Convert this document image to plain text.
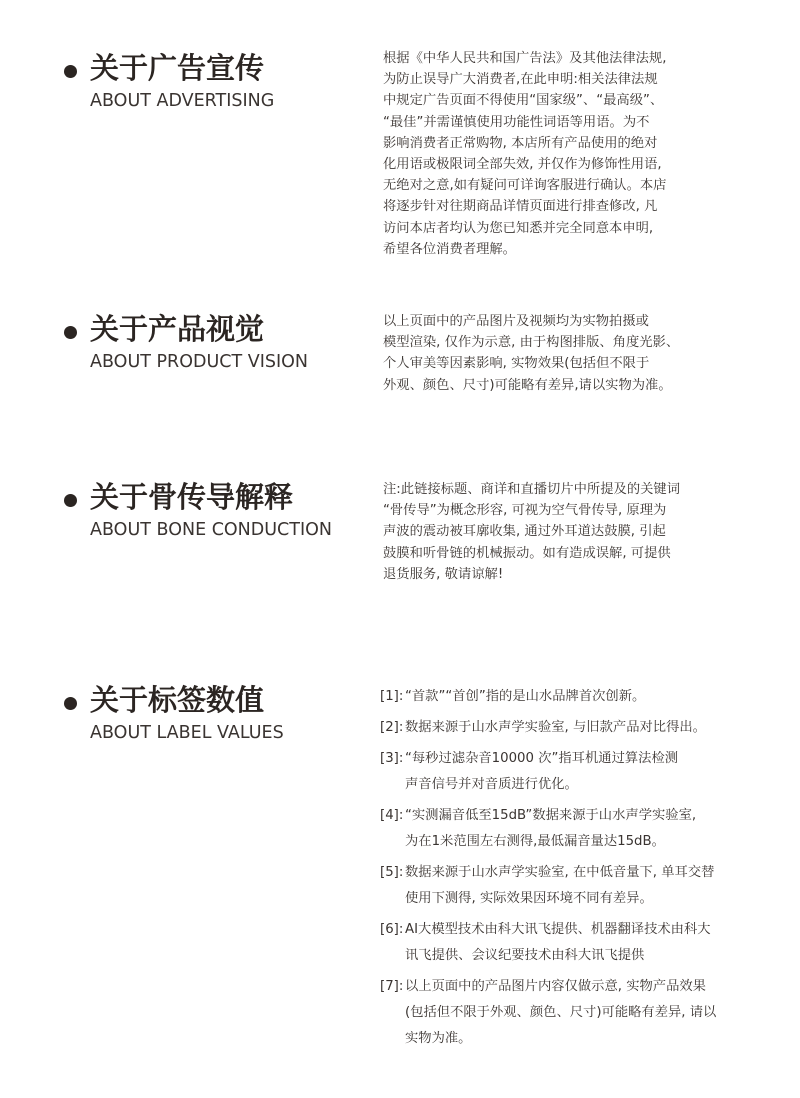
关于广告宣传
ABOUT ADVERTISING
根据《中华人民共和国广告法》及其他法律法规,
为防止误导广大消费者,在此申明:相关法律法规
中规定广告页面不得使用“国家级”、“最高级”、
“最佳”并需谨慎使用功能性词语等用语。为不
影响消费者正常购物, 本店所有产品使用的绝对
化用语或极限词全部失效, 并仅作为修饰性用语,
无绝对之意,如有疑问可详询客服进行确认。本店
将逐步针对往期商品详情页面进行排查修改, 凡
访问本店者均认为您已知悉并完全同意本申明,
希望各位消费者理解。
关于产品视觉
ABOUT PRODUCT VISION
以上页面中的产品图片及视频均为实物拍摄或
模型渲染, 仅作为示意, 由于构图排版、角度光影、
个人审美等因素影响, 实物效果(包括但不限于
外观、颜色、尺寸)可能略有差异,请以实物为准。
关于骨传导解释
ABOUT BONE CONDUCTION
注:此链接标题、商详和直播切片中所提及的关键词
“骨传导”为概念形容, 可视为空气骨传导, 原理为
声波的震动被耳廓收集, 通过外耳道达鼓膜, 引起
鼓膜和听骨链的机械振动。如有造成误解, 可提供
退货服务, 敬请谅解!
关于标签数值
ABOUT LABEL VALUES
[1]: “首款”“首创”指的是山水品牌首次创新。
[2]: 数据来源于山水声学实验室, 与旧款产品对比得出。
[3]: “每秒过滤杂音10000 次”指耳机通过算法检测
声音信号并对音质进行优化。
[4]: “实测漏音低至15dB”数据来源于山水声学实验室,
为在1米范围左右测得,最低漏音量达15dB。
[5]: 数据来源于山水声学实验室, 在中低音量下, 单耳交替
使用下测得, 实际效果因环境不同有差异。
[6]: AI大模型技术由科大讯飞提供、机器翻译技术由科大
讯飞提供、会议纪要技术由科大讯飞提供
[7]: 以上页面中的产品图片内容仅做示意, 实物产品效果
(包括但不限于外观、颜色、尺寸)可能略有差异, 请以
实物为准。
